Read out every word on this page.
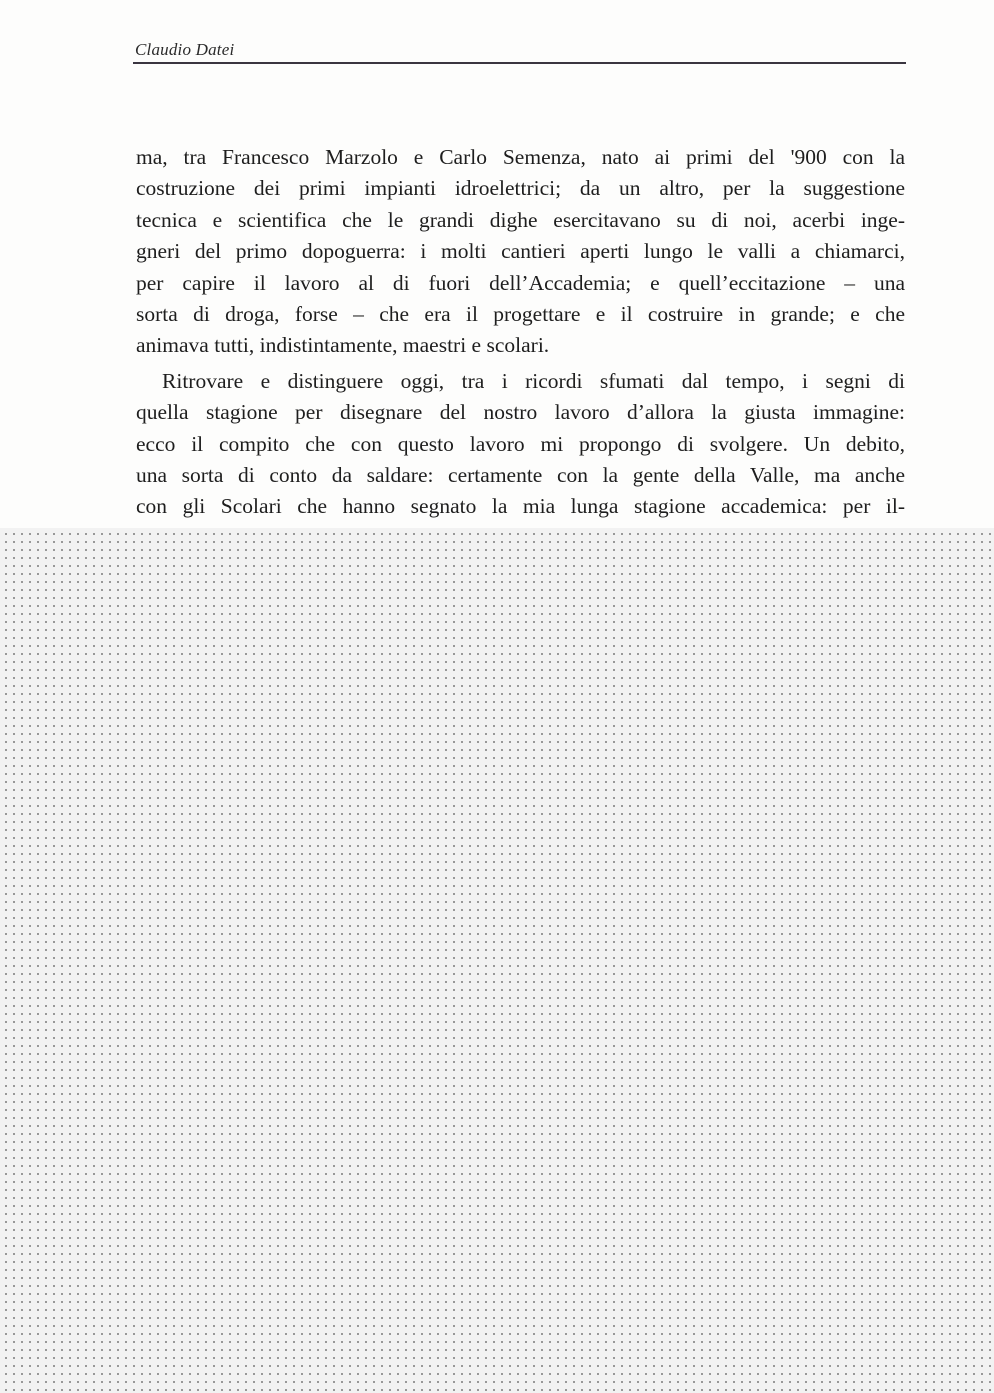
Claudio Datei
ma, tra Francesco Marzolo e Carlo Semenza, nato ai primi del '900 con la
costruzione dei primi impianti idroelettrici; da un altro, per la suggestione
tecnica e scientifica che le grandi dighe esercitavano su di noi, acerbi inge-
gneri del primo dopoguerra: i molti cantieri aperti lungo le valli a chiamarci,
per capire il lavoro al di fuori dell’Accademia; e quell’eccitazione – una
sorta di droga, forse – che era il progettare e il costruire in grande; e che
animava tutti, indistintamente, maestri e scolari.
Ritrovare e distinguere oggi, tra i ricordi sfumati dal tempo, i segni di
quella stagione per disegnare del nostro lavoro d’allora la giusta immagine:
ecco il compito che con questo lavoro mi propongo di svolgere. Un debito,
una sorta di conto da saldare: certamente con la gente della Valle, ma anche
con gli Scolari che hanno segnato la mia lunga stagione accademica: per il-
